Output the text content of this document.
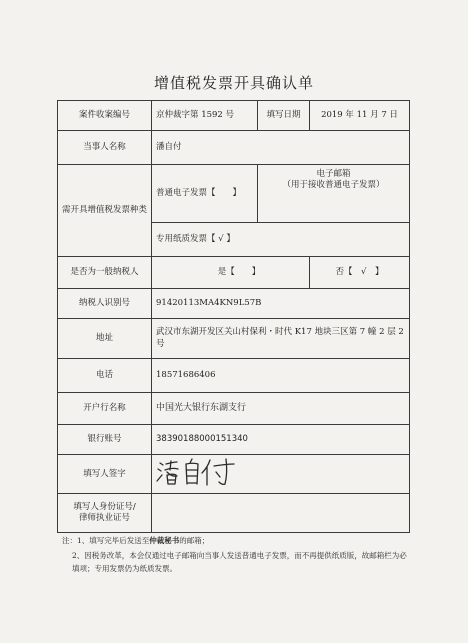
增值税发票开具确认单
案件收案编号	京仲裁字第 1592 号	填写日期	2019 年 11 月 7 日
当事人名称	潘自付		
需开具增值税发票种类	普通电子发票【　　】	电子邮箱
（用于接收普通电子发票）	

	专用纸质发票【 √ 】		
是否为一般纳税人	是【　　】		否【　√　】
纳税人识别号	91420113MA4KN9L57B		
地址	武汉市东湖开发区关山村保利・时代 K17 地块三区第 7 幢 2 层 2 号		
电话	18571686406		
开户行名称	中国光大银行东湖支行		
银行账号	38390188000151340		
填写人签字	

填写人身份证号/
律师执业证号			

注：1、填写完毕后发送至仲裁秘书的邮箱；

2、因税务改革，本会仅通过电子邮箱向当事人发送普通电子发票，而不再提供纸质版，故邮箱栏为必填项；专用发票仍为纸质发票。
